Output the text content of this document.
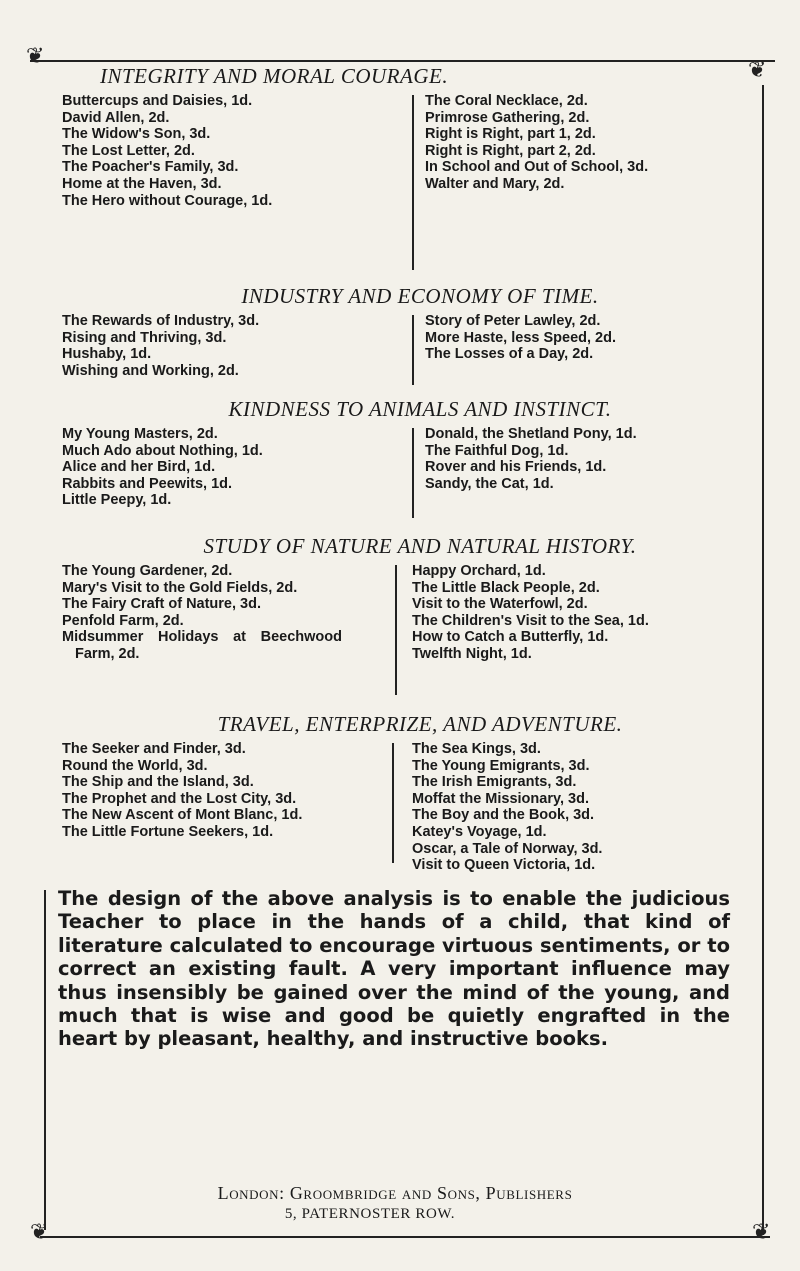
❦
❦
❦	❦
INTEGRITY AND MORAL COURAGE.
Buttercups and Daisies, 1d.
David Allen, 2d.
The Widow's Son, 3d.
The Lost Letter, 2d.
The Poacher's Family, 3d.
Home at the Haven, 3d.
The Hero without Courage, 1d.
The Coral Necklace, 2d.
Primrose Gathering, 2d.
Right is Right, part 1, 2d.
Right is Right, part 2, 2d.
In School and Out of School, 3d.
Walter and Mary, 2d.
INDUSTRY AND ECONOMY OF TIME.
The Rewards of Industry, 3d.
Rising and Thriving, 3d.
Hushaby, 1d.
Wishing and Working, 2d.
Story of Peter Lawley, 2d.
More Haste, less Speed, 2d.
The Losses of a Day, 2d.
KINDNESS TO ANIMALS AND INSTINCT.
My Young Masters, 2d.
Much Ado about Nothing, 1d.
Alice and her Bird, 1d.
Rabbits and Peewits, 1d.
Little Peepy, 1d.
Donald, the Shetland Pony, 1d.
The Faithful Dog, 1d.
Rover and his Friends, 1d.
Sandy, the Cat, 1d.
STUDY OF NATURE AND NATURAL HISTORY.
The Young Gardener, 2d.
Mary's Visit to the Gold Fields, 2d.
The Fairy Craft of Nature, 3d.
Penfold Farm, 2d.
Midsummer Holidays at Beechwood Farm, 2d.
Happy Orchard, 1d.
The Little Black People, 2d.
Visit to the Waterfowl, 2d.
The Children's Visit to the Sea, 1d.
How to Catch a Butterfly, 1d.
Twelfth Night, 1d.
TRAVEL, ENTERPRIZE, AND ADVENTURE.
The Seeker and Finder, 3d.
Round the World, 3d.
The Ship and the Island, 3d.
The Prophet and the Lost City, 3d.
The New Ascent of Mont Blanc, 1d.
The Little Fortune Seekers, 1d.
The Sea Kings, 3d.
The Young Emigrants, 3d.
The Irish Emigrants, 3d.
Moffat the Missionary, 3d.
The Boy and the Book, 3d.
Katey's Voyage, 1d.
Oscar, a Tale of Norway, 3d.
Visit to Queen Victoria, 1d.
The design of the above analysis is to enable the judicious Teacher to place in the hands of a child, that kind of literature calculated to encourage virtuous sentiments, or to correct an existing fault. A very important influence may thus insensibly be gained over the mind of the young, and much that is wise and good be quietly engrafted in the heart by pleasant, healthy, and instructive books.
London: Groombridge and Sons, Publishers
5, PATERNOSTER ROW.
